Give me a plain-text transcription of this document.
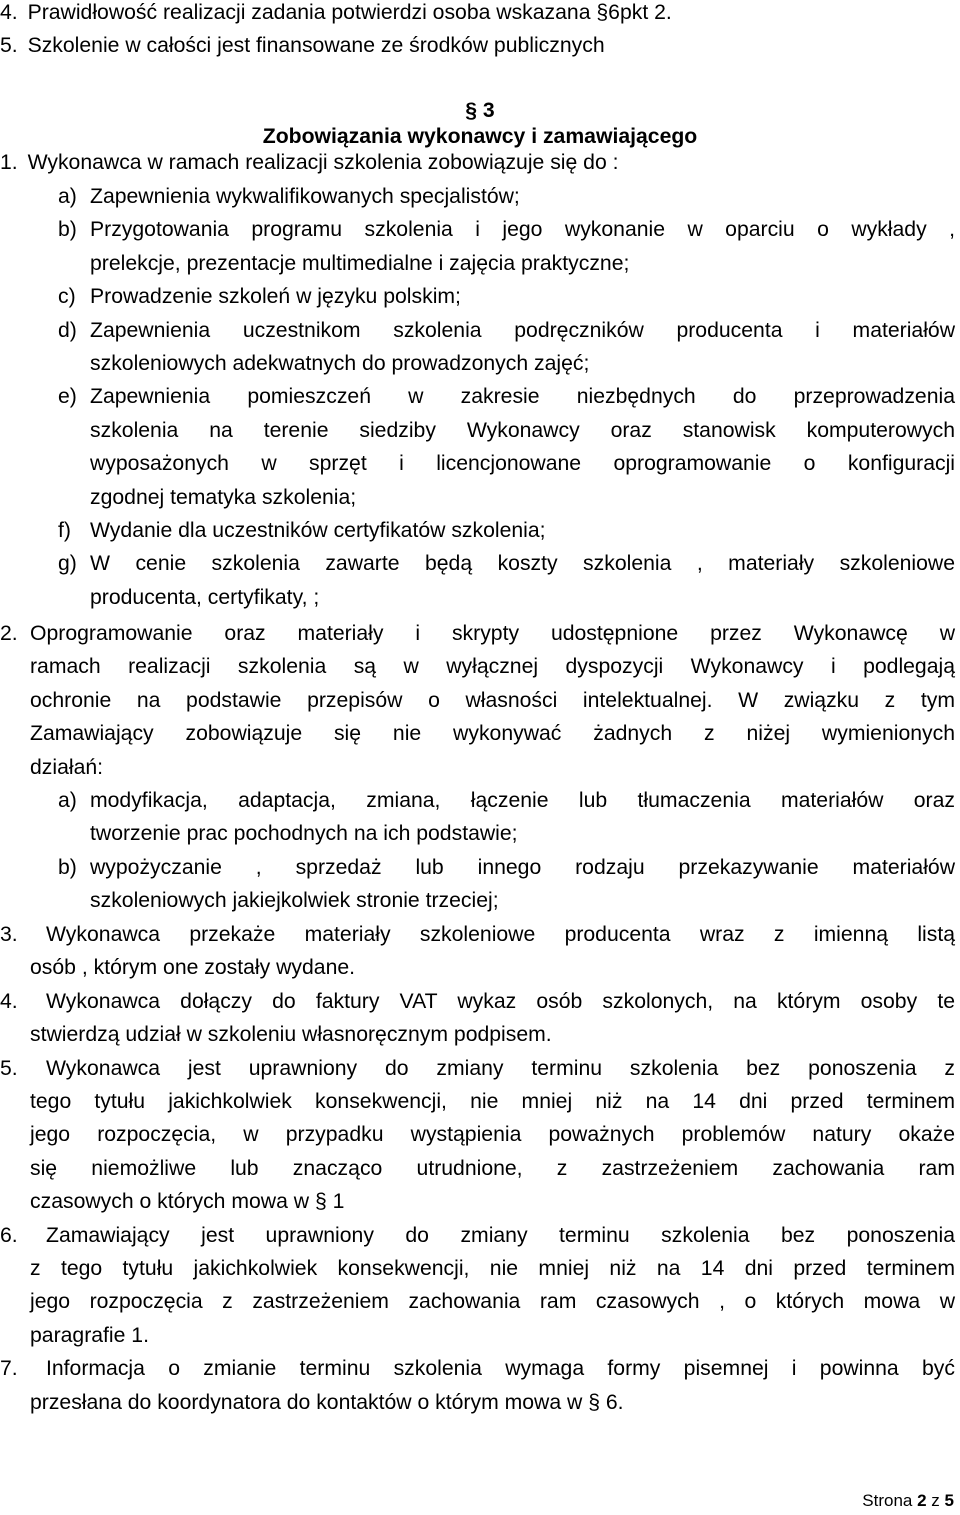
4. Prawidłowość realizacji zadania potwierdzi osoba wskazana §6pkt 2.
5. Szkolenie w całości jest finansowane ze środków publicznych
§ 3
Zobowiązania wykonawcy i zamawiającego
1. Wykonawca w ramach realizacji szkolenia zobowiązuje się do :
a) Zapewnienia wykwalifikowanych specjalistów;
b) Przygotowania programu szkolenia i jego wykonanie w oparciu o wykłady ,
prelekcje, prezentacje multimedialne i zajęcia praktyczne;
c) Prowadzenie szkoleń w języku polskim;
d) Zapewnienia uczestnikom szkolenia podręczników producenta i materiałów
szkoleniowych adekwatnych do prowadzonych zajęć;
e) Zapewnienia pomieszczeń w zakresie niezbędnych do przeprowadzenia
szkolenia na terenie siedziby Wykonawcy oraz stanowisk komputerowych
wyposażonych w sprzęt i licencjonowane oprogramowanie o konfiguracji
zgodnej tematyka szkolenia;
f) Wydanie dla uczestników certyfikatów szkolenia;
g) W cenie szkolenia zawarte będą koszty szkolenia , materiały szkoleniowe
producenta, certyfikaty, ;
2. Oprogramowanie oraz materiały i skrypty udostępnione przez Wykonawcę w
ramach realizacji szkolenia są w wyłącznej dyspozycji Wykonawcy i podlegają
ochronie na podstawie przepisów o własności intelektualnej. W związku z tym
Zamawiający zobowiązuje się nie wykonywać żadnych z niżej wymienionych
działań:
a) modyfikacja, adaptacja, zmiana, łączenie lub tłumaczenia materiałów oraz
tworzenie prac pochodnych na ich podstawie;
b) wypożyczanie , sprzedaż lub innego rodzaju przekazywanie materiałów
szkoleniowych jakiejkolwiek stronie trzeciej;
3. Wykonawca przekaże materiały szkoleniowe producenta wraz z imienną listą
osób , którym one zostały wydane.
4. Wykonawca dołączy do faktury VAT wykaz osób szkolonych, na którym osoby te
stwierdzą udział w szkoleniu własnoręcznym podpisem.
5. Wykonawca jest uprawniony do zmiany terminu szkolenia bez ponoszenia z
tego tytułu jakichkolwiek konsekwencji, nie mniej niż na 14 dni przed terminem
jego rozpoczęcia, w przypadku wystąpienia poważnych problemów natury okaże
się niemożliwe lub znacząco utrudnione, z zastrzeżeniem zachowania ram
czasowych o których mowa w § 1
6. Zamawiający jest uprawniony do zmiany terminu szkolenia bez ponoszenia
z tego tytułu jakichkolwiek konsekwencji, nie mniej niż na 14 dni przed terminem
jego rozpoczęcia z zastrzeżeniem zachowania ram czasowych , o których mowa w
paragrafie 1.
7. Informacja o zmianie terminu szkolenia wymaga formy pisemnej i powinna być
przesłana do koordynatora do kontaktów o którym mowa w § 6.
Strona 2 z 5
